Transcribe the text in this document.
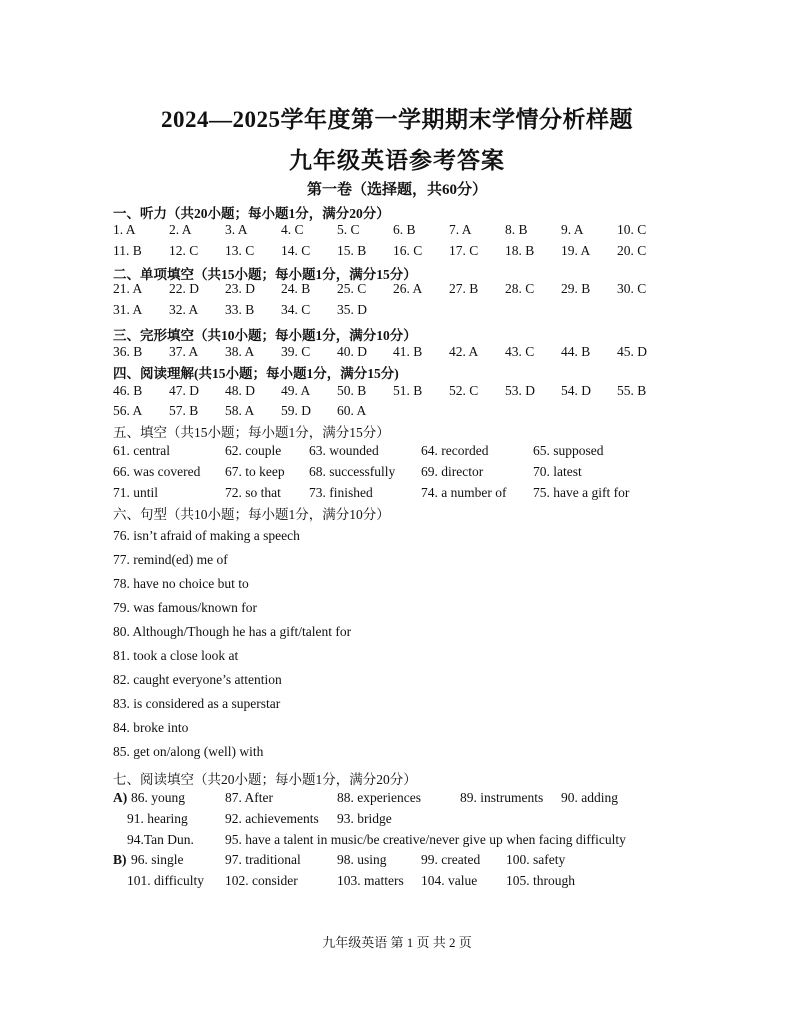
2024—2025学年度第一学期期末学情分析样题
九年级英语参考答案
第一卷（选择题，共60分）
一、听力（共20小题；每小题1分，满分20分）
1. A 2. A 3. A 4. C 5. C 6. B 7. A 8. B 9. A 10. C
11. B 12. C 13. C 14. C 15. B 16. C 17. C 18. B 19. A 20. C
二、单项填空（共15小题；每小题1分，满分15分）
21. A 22. D 23. D 24. B 25. C 26. A 27. B 28. C 29. B 30. C
31. A 32. A 33. B 34. C 35. D
三、完形填空（共10小题；每小题1分，满分10分）
36. B 37. A 38. A 39. C 40. D 41. B 42. A 43. C 44. B 45. D
四、阅读理解(共15小题；每小题1分，满分15分)
46. B 47. D 48. D 49. A 50. B 51. B 52. C 53. D 54. D 55. B
56. A 57. B 58. A 59. D 60. A
五、填空（共15小题；每小题1分，满分15分）
61. central	62. couple 63. wounded	64. recorded	65. supposed
66. was covered 67. to keep 68. successfully 69. director	70. latest
71. until	72. so that 73. finished	74. a number of 75. have a gift for
六、句型（共10小题；每小题1分，满分10分）
76. isn’t afraid of making a speech
77. remind(ed) me of
78. have no choice but to
79. was famous/known for
80. Although/Though he has a gift/talent for
81. took a close look at
82. caught everyone’s attention
83. is considered as a superstar
84. broke into
85. get on/along (well) with
七、阅读填空（共20小题；每小题1分，满分20分）
A) 86. young	87. After	88. experiences	89. instruments 90. adding
91. hearing	92. achievements 93. bridge
94.Tan Dun. 95. have a talent in music/be creative/never give up when facing difficulty
B) 96. single	97. traditional	98. using	99. created 100. safety
101. difficulty 102. consider	103. matters 104. value 105. through
九年级英语 第 1 页 共 2 页
